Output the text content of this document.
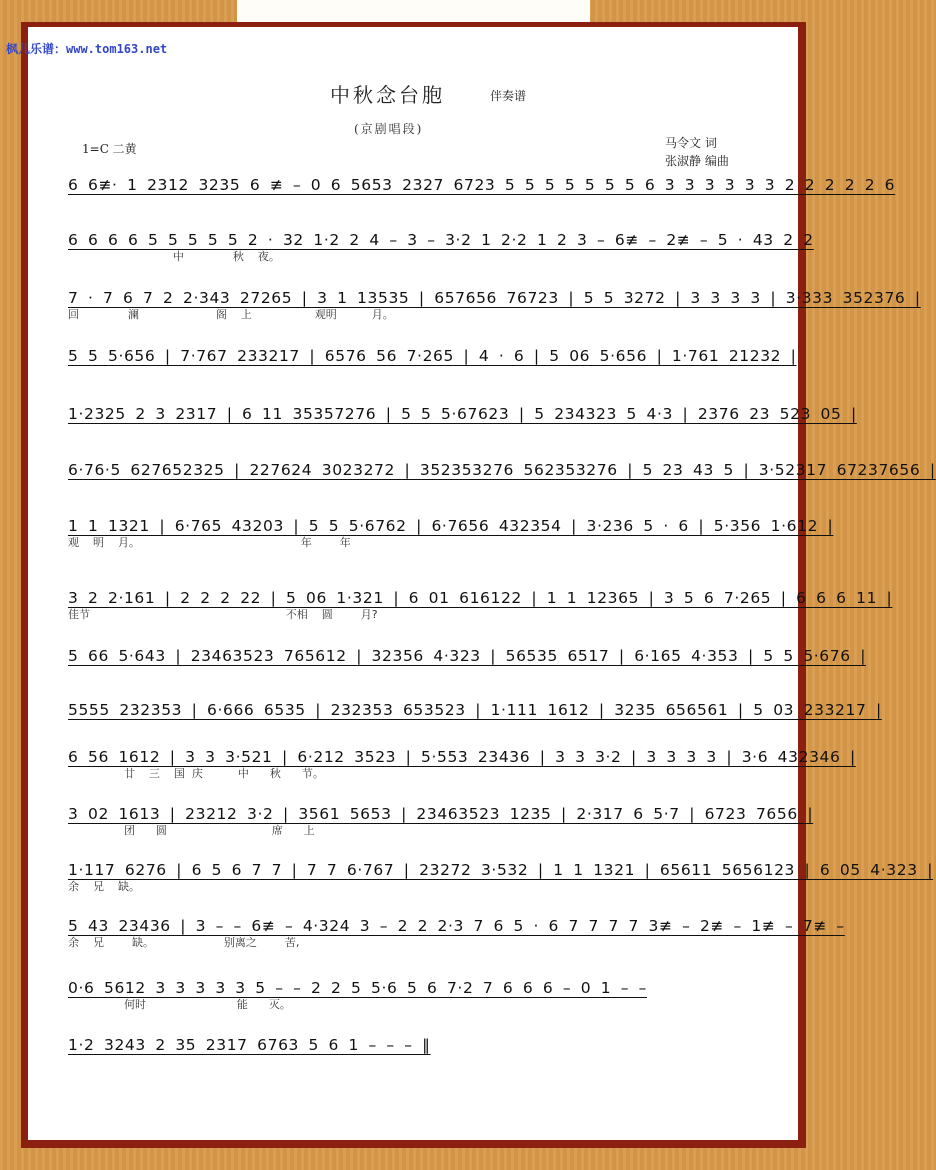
枫儿乐谱：www.tom163.net
中秋念台胞	伴奏谱
(京剧唱段)
马令文 词
张淑静 编曲
1=C 二黄
6 6≢· 1 2312 3235 6 ≢ – 0 6 5653 2327 6723 5 5 5 5 5 5 5 6 3 3 3 3 3 3 2 2 2 2 2 6
6 6 6 6 5 5 5 5 5 2 · 32 1·2 2 4 – 3 – 3·2 1 2·2 1 2 3 – 6≢ – 2≢ – 5 · 43 2 2
中              秋    夜。
7 · 7 6 7 2 2·343 27265 | 3 1 13535 | 657656 76723 | 5 5 3272 | 3 3 3 3 | 3·333 352376 |
回              澜                      阁    上                  观明          月。
5 5 5·656 | 7·767 233217 | 6576 56 7·265 | 4 · 6 | 5 06 5·656 | 1·761 21232 |
1·2325 2 3 2317 | 6 11 35357276 | 5 5 5·67623 | 5 234323 5 4·3 | 2376 23 523 05 |
6·76·5 627652325 | 227624 3023272 | 352353276 562353276 | 5 23 43 5 | 3·52317 67237656 |
1 1 1321 | 6·765 43203 | 5 5 5·6762 | 6·7656 432354 | 3·236 5 · 6 | 5·356 1·612 |
观    明    月。                                              年        年
3 2 2·161 | 2 2 2 22 | 5 06 1·321 | 6 01 616122 | 1 1 12365 | 3 5 6 7·265 | 6 6 6 11 |
佳节                                                        不相    圆        月?
5 66 5·643 | 23463523 765612 | 32356 4·323 | 56535 6517 | 6·165 4·353 | 5 5 5·676 |
5555 232353 | 6·666 6535 | 232353 653523 | 1·111 1612 | 3235 656561 | 5 03 233217 |
6 56 1612 | 3 3 3·521 | 6·212 3523 | 5·553 23436 | 3 3 3·2 | 3 3 3 3 | 3·6 432346 |
廿    三    国  庆          中      秋      节。
3 02 1613 | 23212 3·2 | 3561 5653 | 23463523 1235 | 2·317 6 5·7 | 6723 7656 |
团      圆                              席      上
1·117 6276 | 6 5 6 7 7 | 7 7 6·767 | 23272 3·532 | 1 1 1321 | 65611 5656123 | 6 05 4·323 |
余    兄    缺。
5 43 23436 | 3 – – 6≢ – 4·324 3 – 2 2 2·3 7 6 5 · 6 7 7 7 7 3≢ – 2≢ – 1≢ – 7≢ –
余    兄        缺。                    别离之        苦,
0·6 5612 3 3 3 3 3 5 – – 2 2 5 5·6 5 6 7·2 7 6 6 6 – 0 1 – –
何时                          能      灭。
1·2 3243 2 35 2317 6763 5 6 1 – – – ‖
